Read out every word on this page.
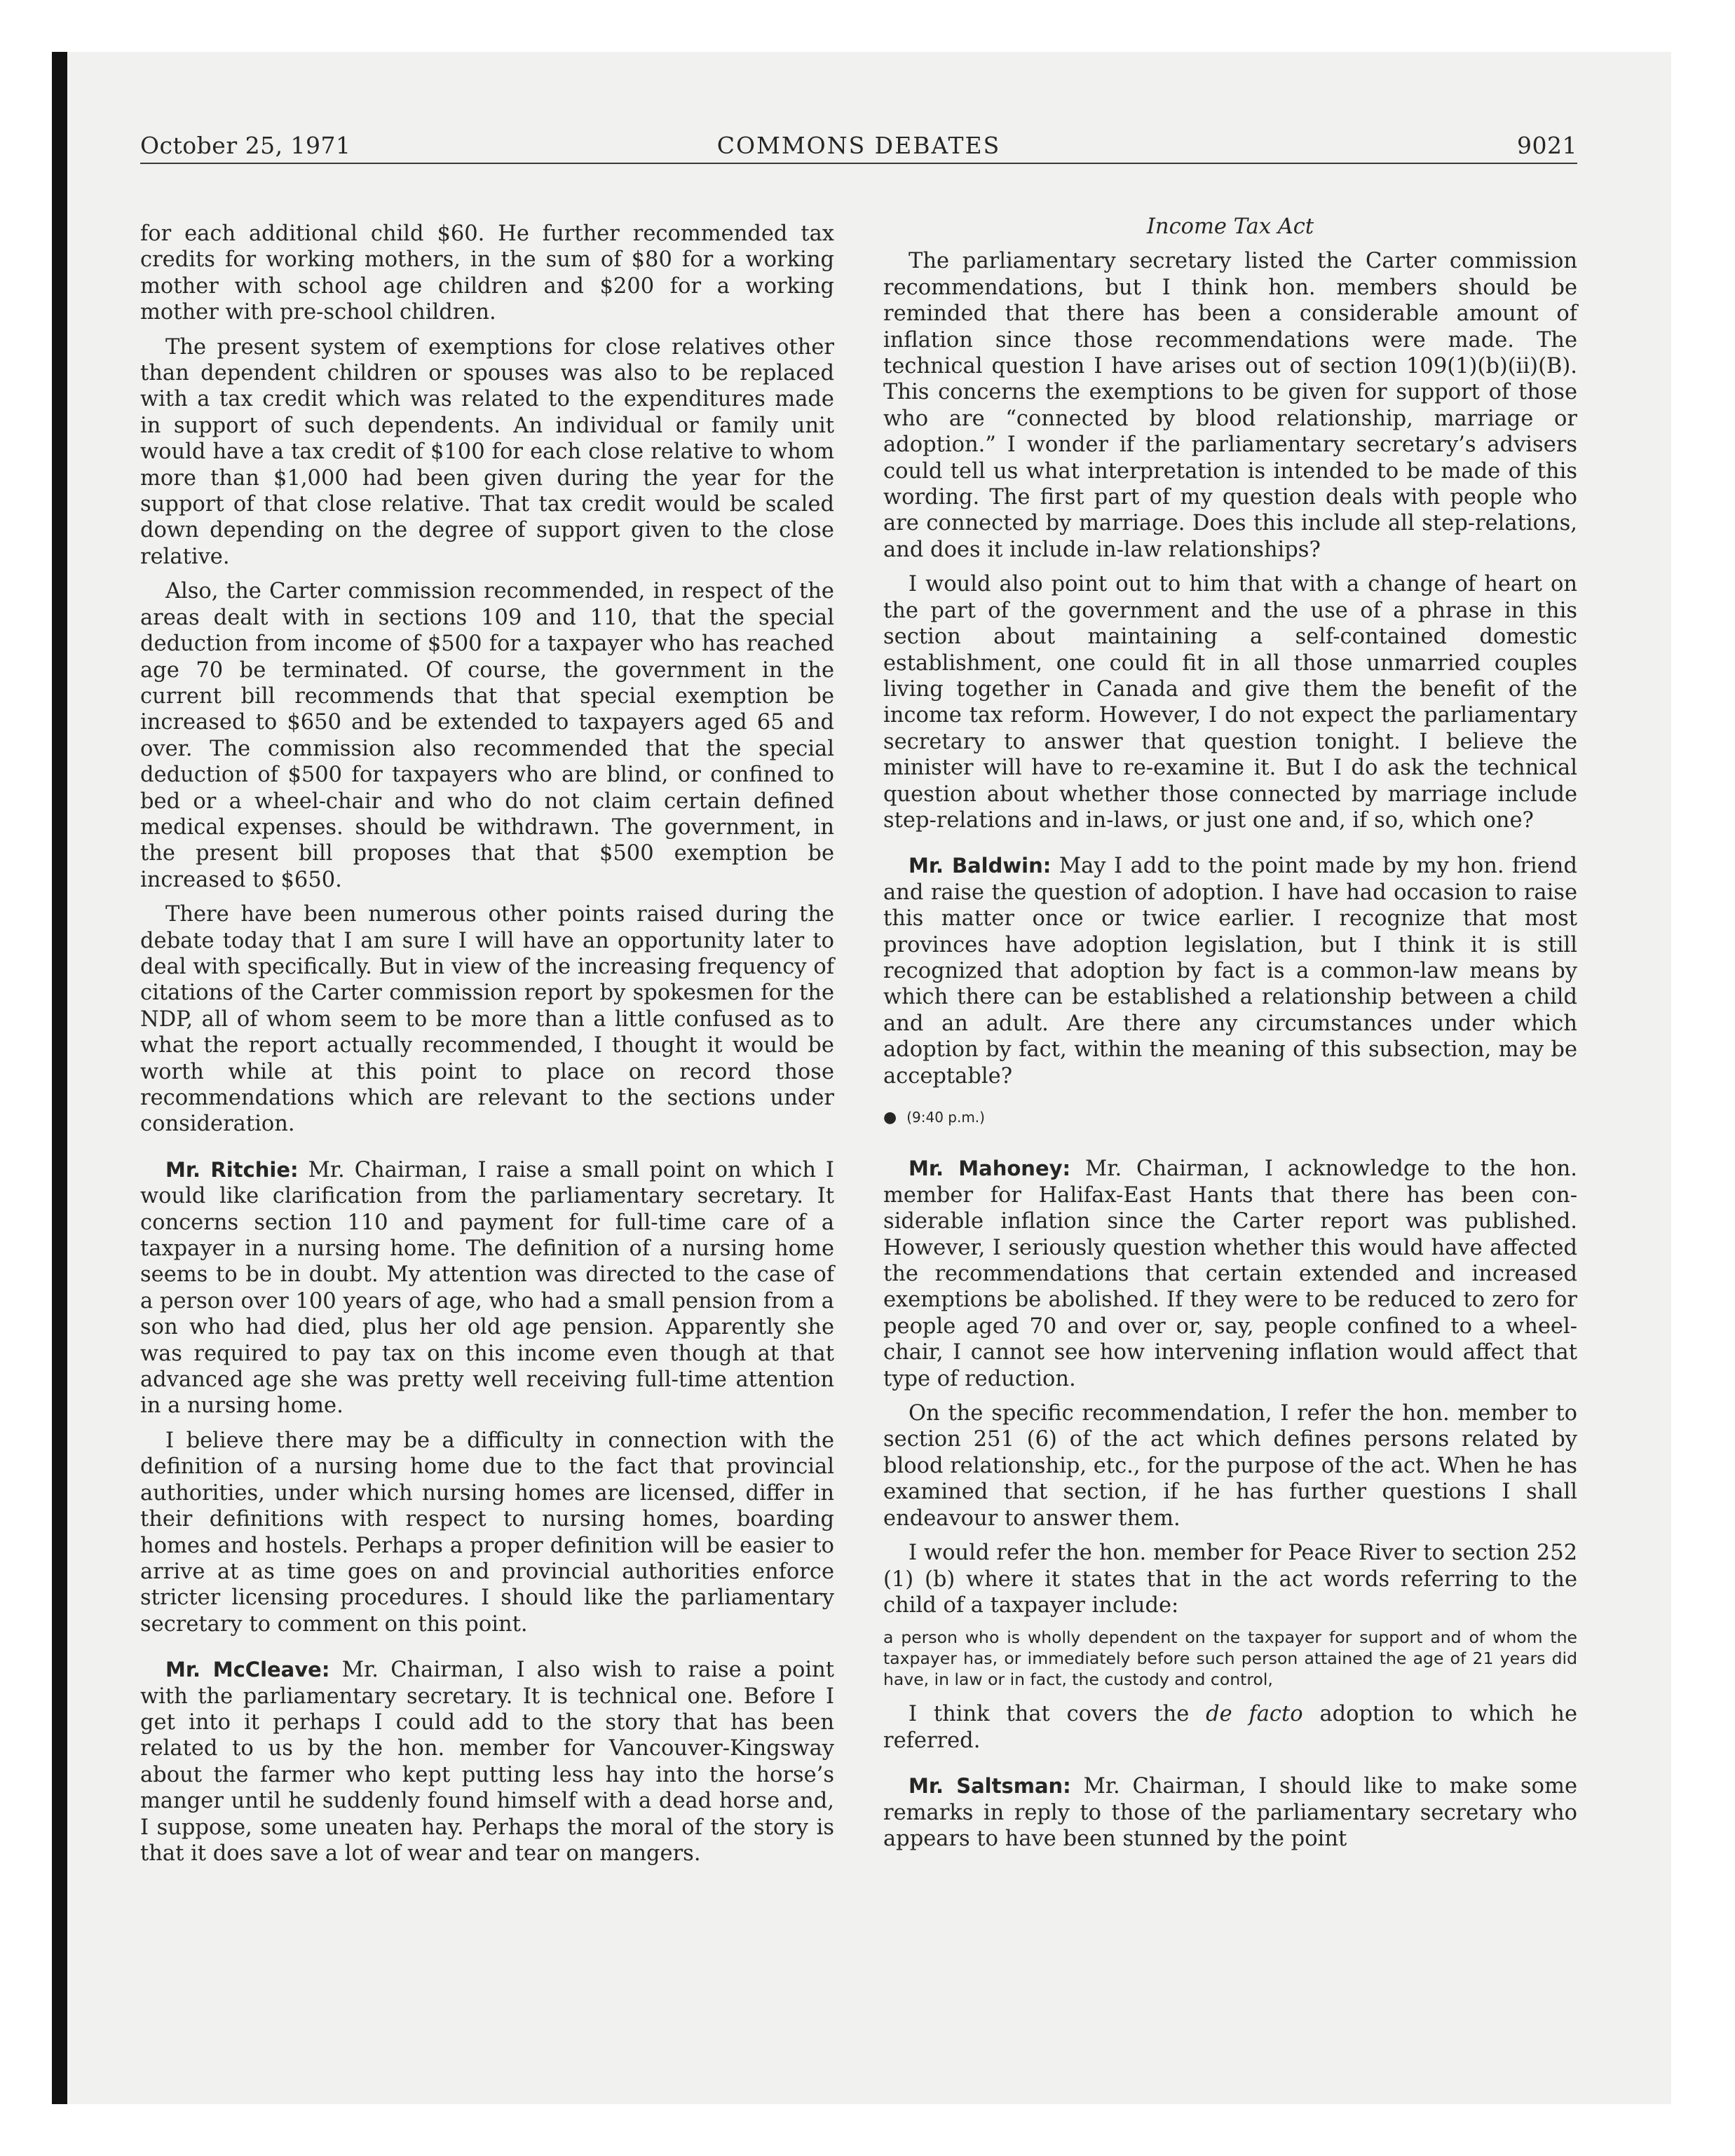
October 25, 1971	COMMONS DEBATES	9021

for each additional child $60. He further recommended tax credits for working mothers, in the sum of $80 for a working mother with school age children and $200 for a working mother with pre-school children.

The present system of exemptions for close relatives other than dependent children or spouses was also to be replaced with a tax credit which was related to the expenditures made in support of such dependents. An individual or family unit would have a tax credit of $100 for each close relative to whom more than $1,000 had been given during the year for the support of that close relative. That tax credit would be scaled down depending on the degree of support given to the close relative.

Also, the Carter commission recommended, in respect of the areas dealt with in sections 109 and 110, that the special deduction from income of $500 for a taxpayer who has reached age 70 be terminated. Of course, the government in the current bill recommends that that special exemption be increased to $650 and be extended to taxpayers aged 65 and over. The commission also recommended that the special deduction of $500 for taxpayers who are blind, or confined to bed or a wheel-chair and who do not claim certain defined medical expenses. should be withdrawn. The government, in the present bill proposes that that $500 exemption be increased to $650.

There have been numerous other points raised during the debate today that I am sure I will have an opportunity later to deal with specifically. But in view of the increasing frequency of citations of the Carter commission report by spokesmen for the NDP, all of whom seem to be more than a little confused as to what the report actually recommended, I thought it would be worth while at this point to place on record those recommendations which are relevant to the sections under consideration.

Mr. Ritchie: Mr. Chairman, I raise a small point on which I would like clarification from the parliamentary secretary. It concerns section 110 and payment for full-time care of a taxpayer in a nursing home. The definition of a nursing home seems to be in doubt. My attention was directed to the case of a person over 100 years of age, who had a small pension from a son who had died, plus her old age pension. Apparently she was required to pay tax on this income even though at that advanced age she was pretty well receiving full-time attention in a nursing home.

I believe there may be a difficulty in connection with the definition of a nursing home due to the fact that provincial authorities, under which nursing homes are licensed, differ in their definitions with respect to nursing homes, boarding homes and hostels. Perhaps a proper definition will be easier to arrive at as time goes on and provincial authorities enforce stricter licensing procedures. I should like the parliamentary secretary to comment on this point.

Mr. McCleave: Mr. Chairman, I also wish to raise a point with the parliamentary secretary. It is technical one. Before I get into it perhaps I could add to the story that has been related to us by the hon. member for Vancouver-Kingsway about the farmer who kept putting less hay into the horse’s manger until he suddenly found himself with a dead horse and, I suppose, some uneaten hay. Perhaps the moral of the story is that it does save a lot of wear and tear on mangers.

Income Tax Act

The parliamentary secretary listed the Carter commission recommendations, but I think hon. members should be reminded that there has been a considerable amount of inflation since those recommendations were made. The technical question I have arises out of section 109(1)(b)(ii)(B). This concerns the exemptions to be given for support of those who are “connected by blood relationship, marriage or adoption.” I wonder if the parliamentary secretary’s advisers could tell us what interpretation is intended to be made of this wording. The first part of my question deals with people who are connected by marriage. Does this include all step-relations, and does it include in-law relationships?

I would also point out to him that with a change of heart on the part of the government and the use of a phrase in this section about maintaining a self-contained domestic establishment, one could fit in all those unmarried couples living together in Canada and give them the benefit of the income tax reform. However, I do not expect the parliamentary secretary to answer that question tonight. I believe the minister will have to re-examine it. But I do ask the technical question about whether those connected by marriage include step-relations and in-laws, or just one and, if so, which one?

Mr. Baldwin: May I add to the point made by my hon. friend and raise the question of adoption. I have had occasion to raise this matter once or twice earlier. I recognize that most provinces have adoption legislation, but I think it is still recognized that adoption by fact is a common-law means by which there can be established a relationship between a child and an adult. Are there any circumstances under which adoption by fact, within the meaning of this subsection, may be acceptable?

● (9:40 p.m.)

Mr. Mahoney: Mr. Chairman, I acknowledge to the hon. member for Halifax-East Hants that there has been considerable inflation since the Carter report was published. However, I seriously question whether this would have affected the recommendations that certain extended and increased exemptions be abolished. If they were to be reduced to zero for people aged 70 and over or, say, people confined to a wheel-chair, I cannot see how intervening inflation would affect that type of reduction.

On the specific recommendation, I refer the hon. member to section 251 (6) of the act which defines persons related by blood relationship, etc., for the purpose of the act. When he has examined that section, if he has further questions I shall endeavour to answer them.

I would refer the hon. member for Peace River to section 252 (1) (b) where it states that in the act words referring to the child of a taxpayer include:

a person who is wholly dependent on the taxpayer for support and of whom the taxpayer has, or immediately before such person attained the age of 21 years did have, in law or in fact, the custody and control,

I think that covers the de facto adoption to which he referred.

Mr. Saltsman: Mr. Chairman, I should like to make some remarks in reply to those of the parliamentary secretary who appears to have been stunned by the point
